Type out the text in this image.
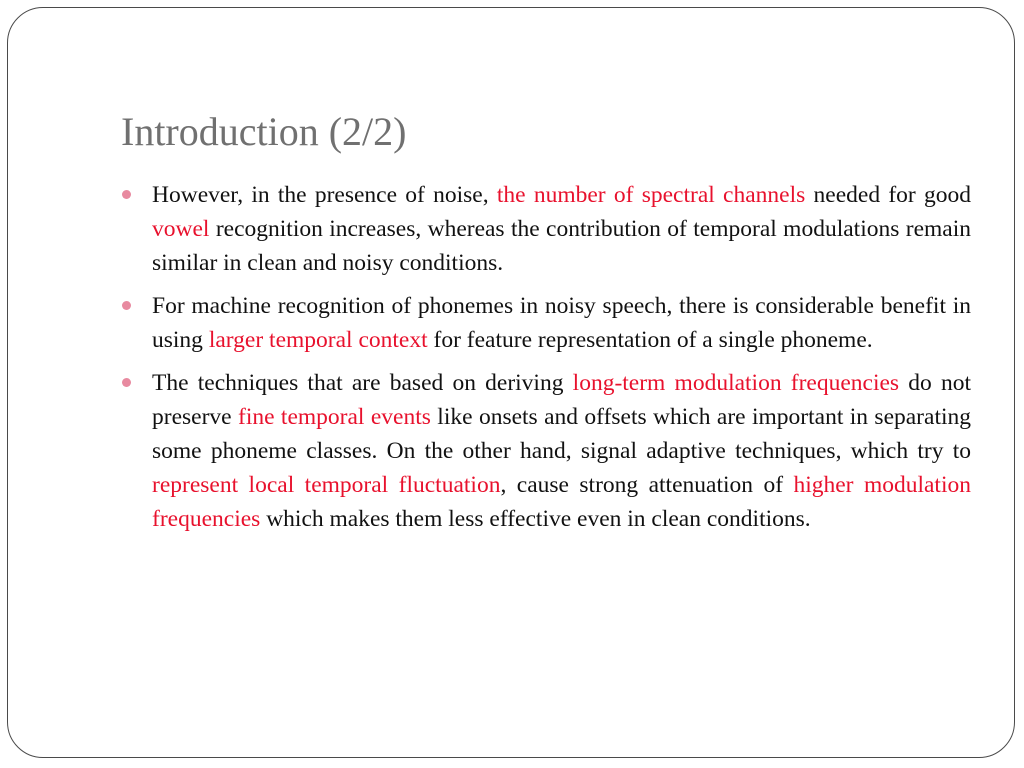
Introduction (2/2)
However, in the presence of noise, the number of spectral channels needed for good vowel recognition increases, whereas the contribution of temporal modulations remain similar in clean and noisy conditions.
For machine recognition of phonemes in noisy speech, there is considerable benefit in using larger temporal context for feature representation of a single phoneme.
The techniques that are based on deriving long-term modulation frequencies do not preserve fine temporal events like onsets and offsets which are important in separating some phoneme classes. On the other hand, signal adaptive techniques, which try to represent local temporal fluctuation, cause strong attenuation of higher modulation frequencies which makes them less effective even in clean conditions.
